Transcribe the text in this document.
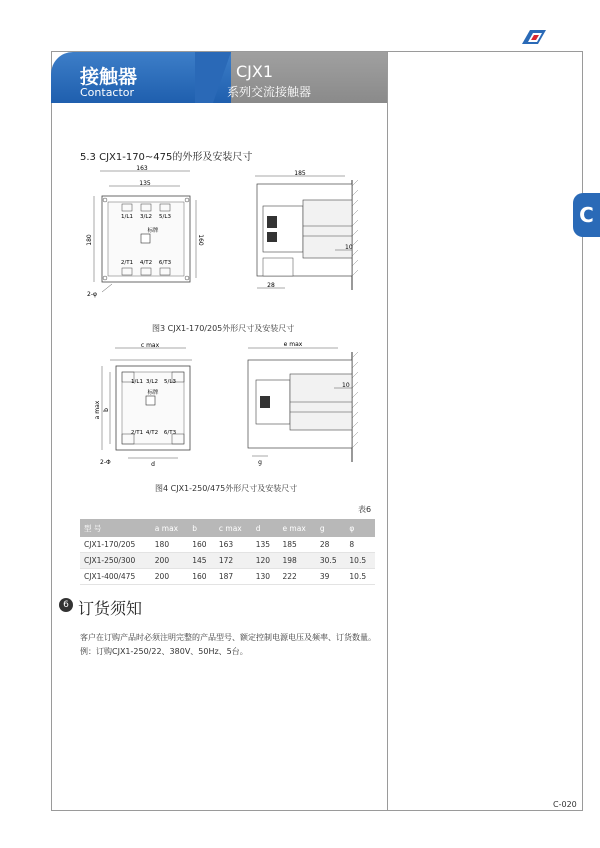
接触器
Contactor
CJX1
系列交流接触器
C
5.3 CJX1-170~475的外形及安装尺寸
163
135
1/L1 3/L2 5/L3
标牌
2/T1 4/T2 6/T3
180	160
2-φ
185
10
28
图3 CJX1-170/205外形尺寸及安装尺寸
c max
1/L1 3/L2 5/L3
标牌
2/T1 4/T2 6/T3
a max b
d
2-Φ
e max
10
g
图4 CJX1-250/475外形尺寸及安装尺寸
表6
型 号	a max	b	c max	d	e max	g	φ
CJX1-170/205	180	160	163	135	185	28	8
CJX1-250/300	200	145	172	120	198	30.5	10.5
CJX1-400/475	200	160	187	130	222	39	10.5
6 订货须知
客户在订购产品时必须注明完整的产品型号、额定控制电源电压及频率、订货数量。
例：订购CJX1-250/22、380V、50Hz、5台。
C-020
